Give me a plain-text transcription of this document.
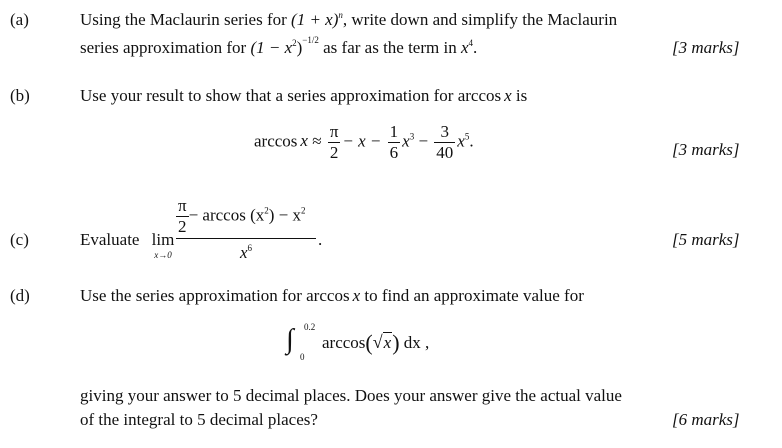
(a)	Using the Maclaurin series for $(1 + x)^n$, write down and simplify the Maclaurin
series approximation for $(1 - x^2)^{-1/2}$ as far as the term in $x^4$.	[3 marks]
(b)	Use your result to show that a series approximation for arccos x is
$\arccos x \approx \frac{\pi}{2} - x - \frac{1}{6} x^3 - \frac{3}{40} x^5$.	[3 marks]
(c)	Evaluate lim
$x\to 0 \frac{\frac{\pi}{2} - \arccos (x^2) - x^2}{x^6}$ .	[5 marks]
(d)	Use the series approximation for arccos x to find an approximate value for
∫ 0.2
0
arccos(√x) dx ,
giving your answer to 5 decimal places. Does your answer give the actual value
of the integral to 5 decimal places?	[6 marks]
